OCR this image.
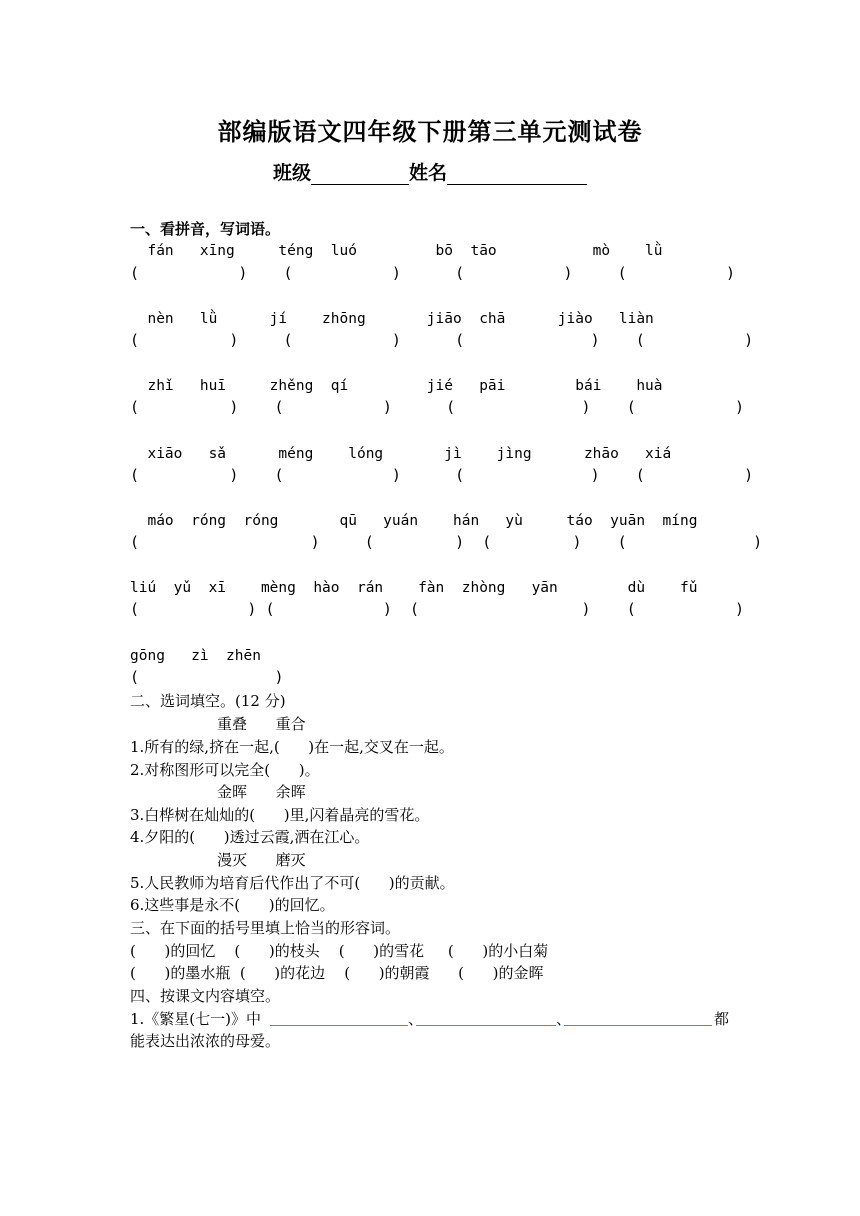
部编版语文四年级下册第三单元测试卷
班级	姓名
一、看拼音，写词语。
fán   xīng     téng  luó         bō  tāo           mò    lǜ
(           )    (           )      (           )     (           )
nèn   lǜ      jí    zhōng       jiāo  chā      jiào   liàn
(          )     (           )      (              )    (           )
zhǐ   huī     zhěng  qí         jié   pāi        bái    huà
(          )    (           )      (              )    (           )
xiāo   sǎ      méng    lóng       jì    jìng      zhāo   xiá
(          )    (            )      (              )    (           )
máo  róng  róng       qū   yuán    hán   yù     táo  yuān  míng
(                   )     (         )  (         )    (              )
liú  yǔ  xī    mèng  hào  rán    fàn  zhòng   yān        dù    fǔ
(            ) (            )  (                  )    (           )
gōng   zì  zhēn
(               )
二、选词填空。(12 分)
重叠      重合
1.所有的绿,挤在一起,(      )在一起,交叉在一起。
2.对称图形可以完全(      )。
金晖      余晖
3.白桦树在灿灿的(      )里,闪着晶亮的雪花。
4.夕阳的(      )透过云霞,洒在江心。
漫灭      磨灭
5.人民教师为培育后代作出了不可(      )的贡献。
6.这些事是永不(      )的回忆。
三、在下面的括号里填上恰当的形容词。
(      )的回忆    (      )的枝头    (      )的雪花     (      )的小白菊
(      )的墨水瓶  (      )的花边    (      )的朝霞      (      )的金晖
四、按课文内容填空。
1.《繁星(七一)》中	、	、	都
能表达出浓浓的母爱。
